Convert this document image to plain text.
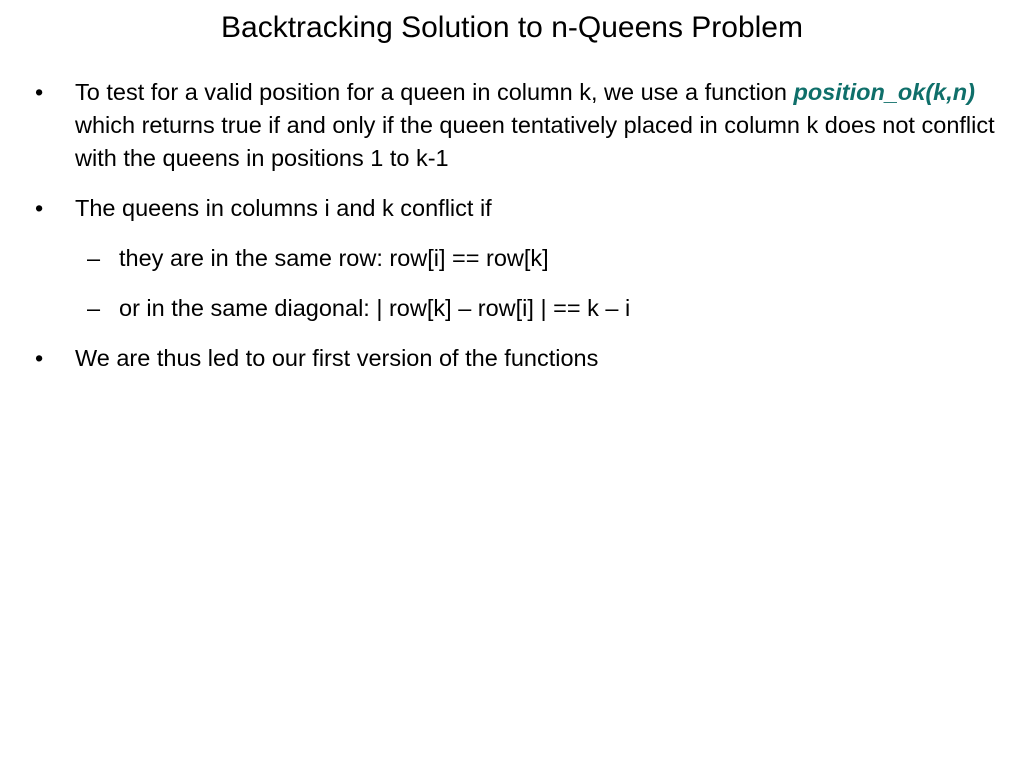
Backtracking Solution to n-Queens Problem
• To test for a valid position for a queen in column k, we use a function position_ok(k,n) which returns true if and only if the queen tentatively placed in column k does not conflict with the queens in positions 1 to k-1
• The queens in columns i and k conflict if
– they are in the same row: row[i] == row[k]
– or in the same diagonal: | row[k] – row[i] | == k – i
• We are thus led to our first version of the functions
